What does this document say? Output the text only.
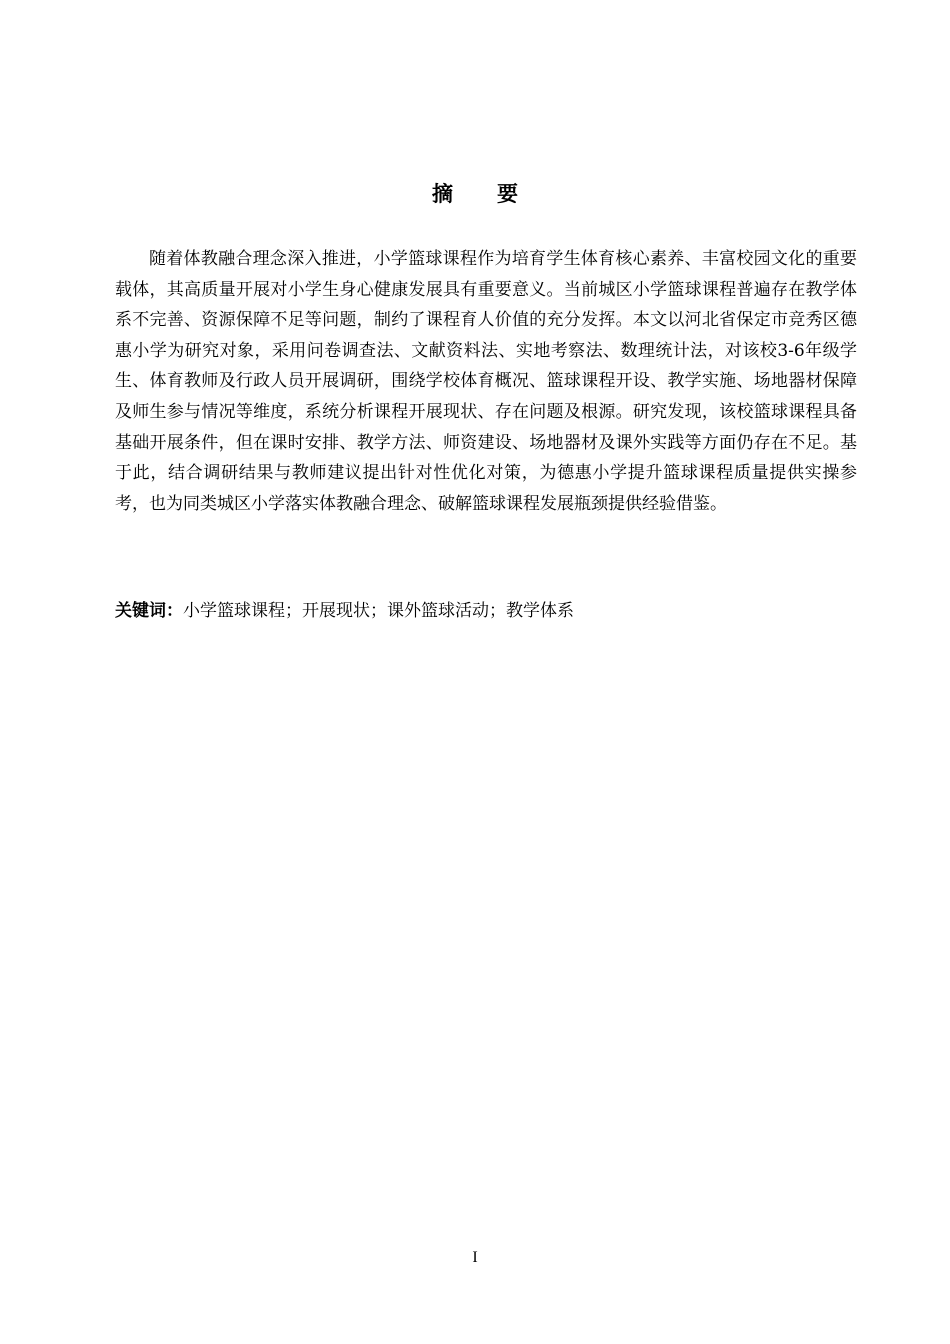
摘 要

随着体教融合理念深入推进，小学篮球课程作为培育学生体育核心素养、丰富校园文化的重要载体，其高质量开展对小学生身心健康发展具有重要意义。当前城区小学篮球课程普遍存在教学体系不完善、资源保障不足等问题，制约了课程育人价值的充分发挥。本文以河北省保定市竞秀区德惠小学为研究对象，采用问卷调查法、文献资料法、实地考察法、数理统计法，对该校3-6年级学生、体育教师及行政人员开展调研，围绕学校体育概况、篮球课程开设、教学实施、场地器材保障及师生参与情况等维度，系统分析课程开展现状、存在问题及根源。研究发现，该校篮球课程具备基础开展条件，但在课时安排、教学方法、师资建设、场地器材及课外实践等方面仍存在不足。基于此，结合调研结果与教师建议提出针对性优化对策，为德惠小学提升篮球课程质量提供实操参考，也为同类城区小学落实体教融合理念、破解篮球课程发展瓶颈提供经验借鉴。

关键词：小学篮球课程；开展现状；课外篮球活动；教学体系

I
